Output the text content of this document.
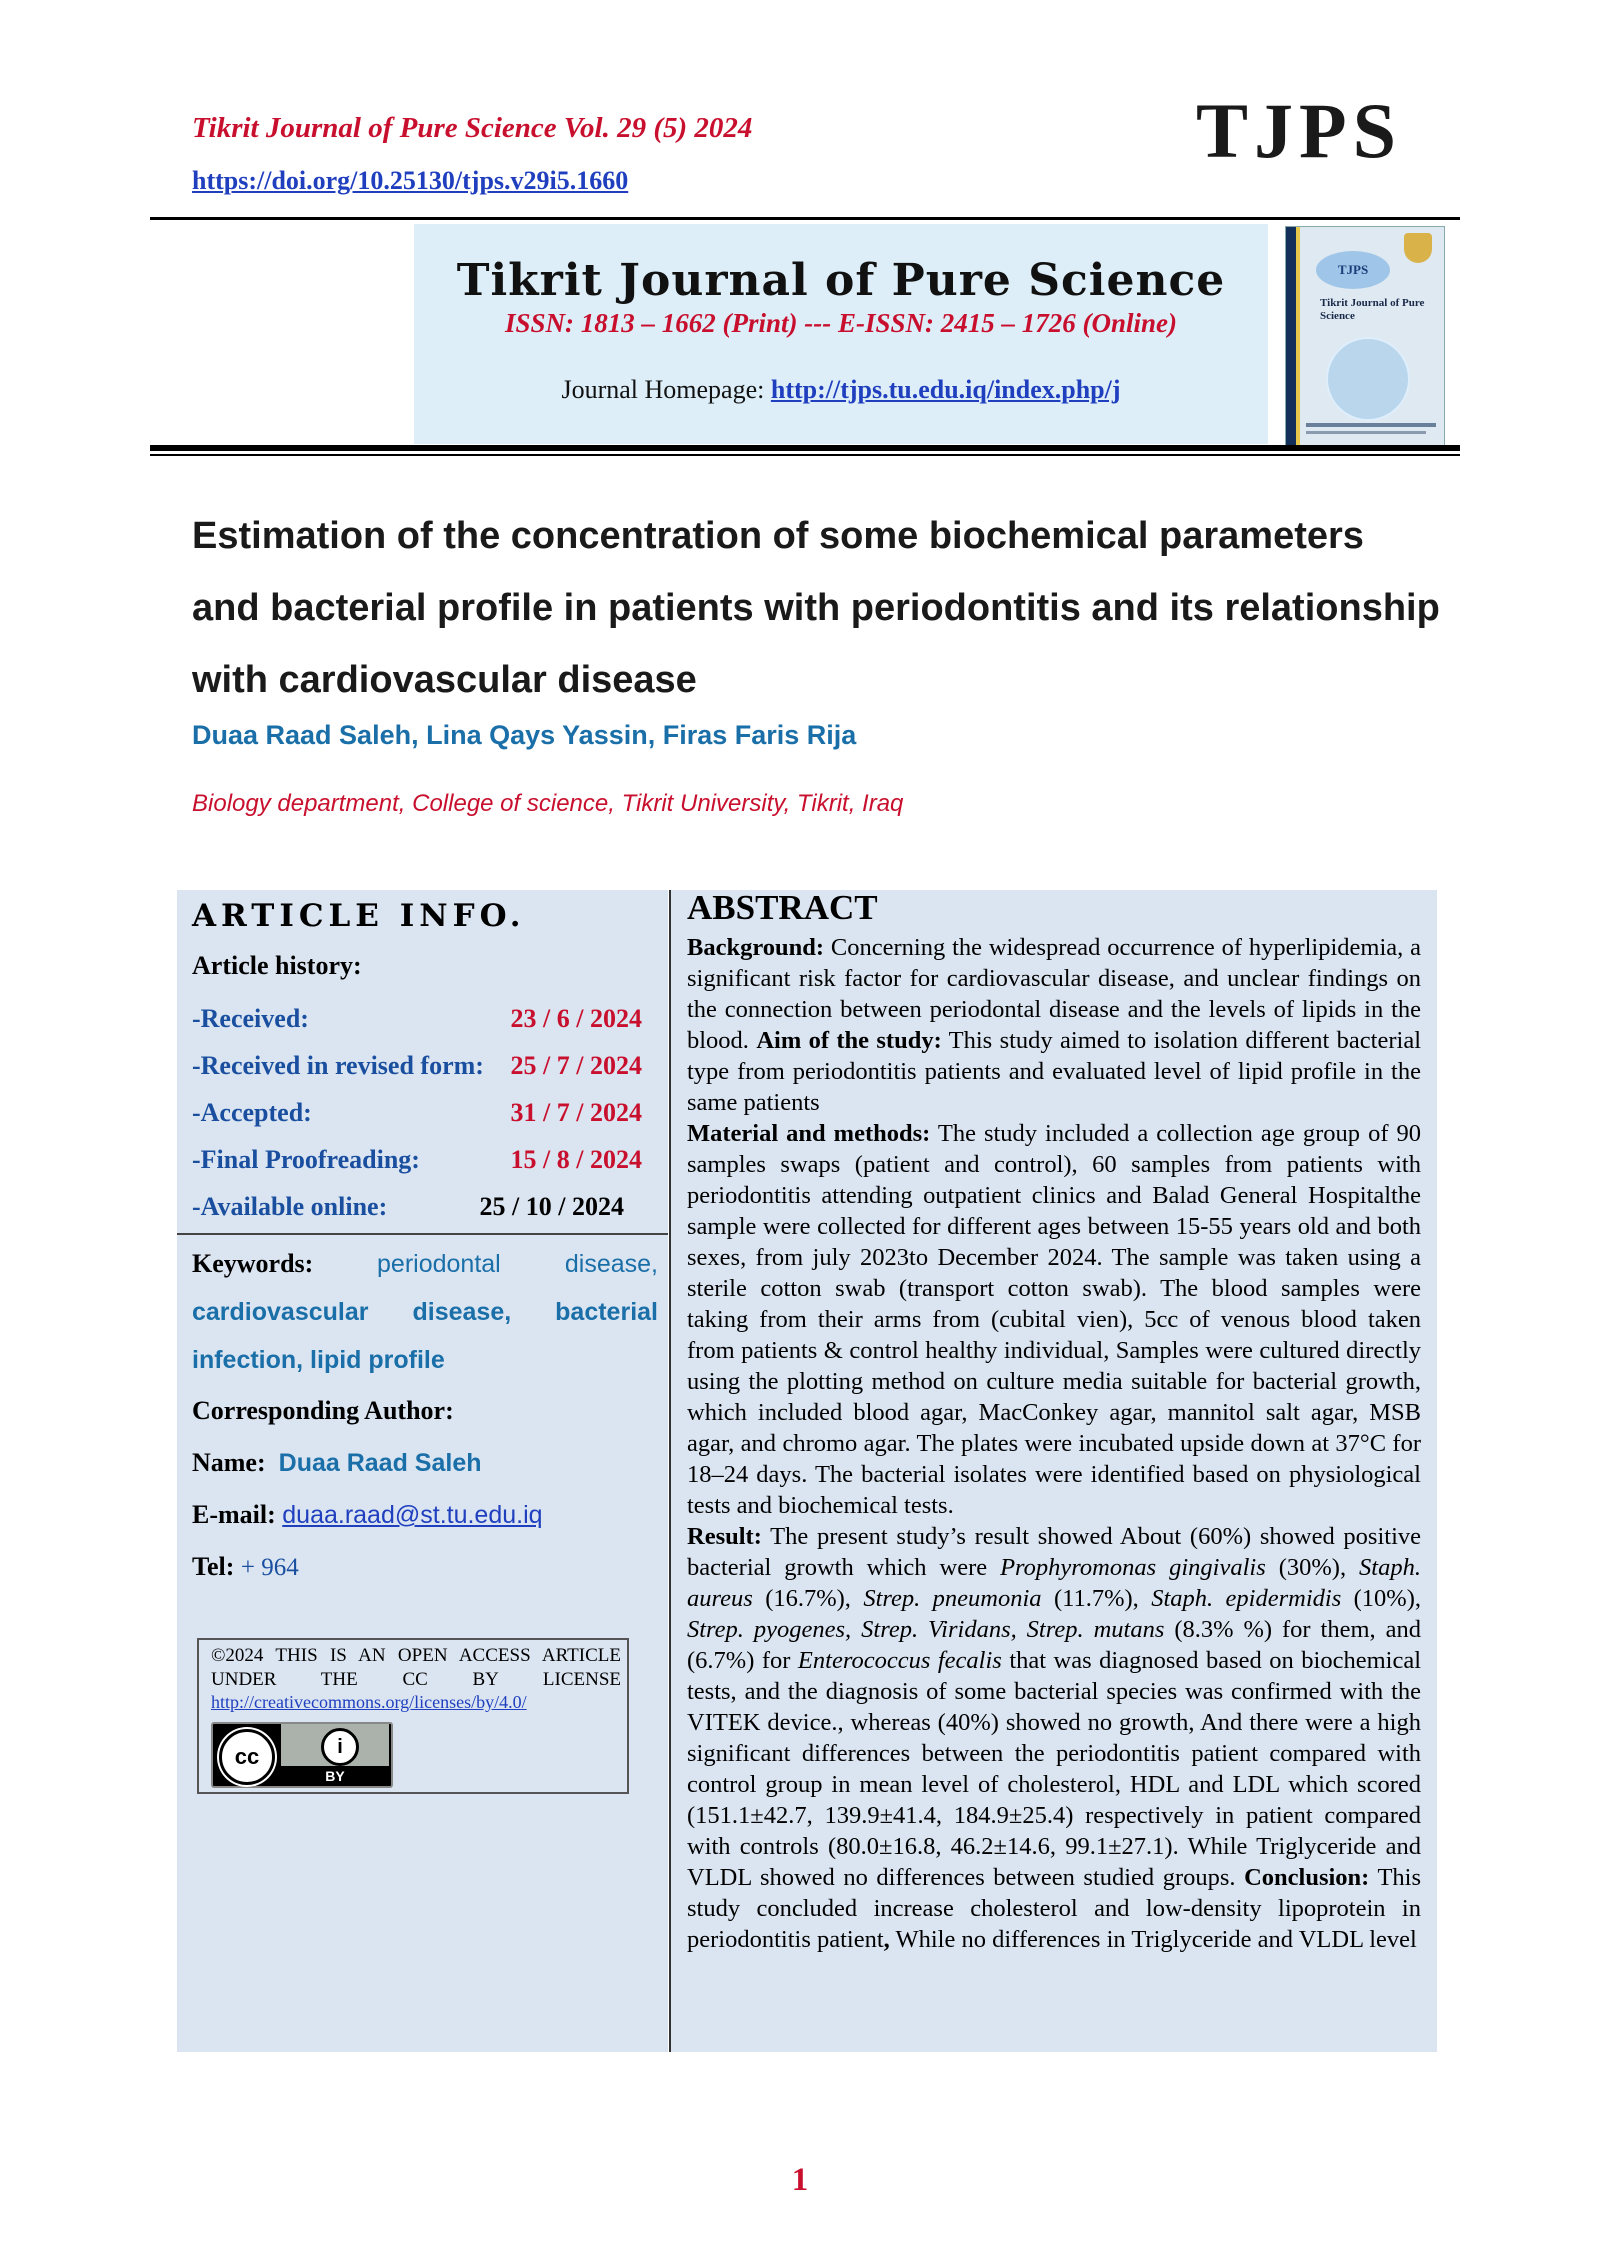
Tikrit Journal of Pure Science Vol. 29 (5) 2024
https://doi.org/10.25130/tjps.v29i5.1660
TJPS
Tikrit Journal of Pure Science
ISSN: 1813 – 1662 (Print) --- E-ISSN: 2415 – 1726 (Online)
Journal Homepage: http://tjps.tu.edu.iq/index.php/j
TJPS
Tikrit Journal of Pure Science
Estimation of the concentration of some biochemical parameters and bacterial profile in patients with periodontitis and its relationship with cardiovascular disease
Duaa Raad Saleh, Lina Qays Yassin, Firas Faris Rija
Biology department, College of science, Tikrit University, Tikrit, Iraq
ARTICLE INFO.
Article history:
-Received:	23 / 6 / 2024
-Received in revised form: 25 / 7 / 2024
-Accepted:	31 / 7 / 2024
-Final Proofreading:	15 / 8 / 2024
-Available online:	25 / 10 / 2024
Keywords:	periodontal disease, cardiovascular disease, bacterial infection, lipid profile
Corresponding Author:
Name: Duaa Raad Saleh
E-mail: duaa.raad@st.tu.edu.iq
Tel: + 964
©2024 THIS IS AN OPEN ACCESS ARTICLE UNDER THE CC BY LICENSE
http://creativecommons.org/licenses/by/4.0/
cc	i
BY
ABSTRACT

Background: Concerning the widespread occurrence of hyperlipidemia, a significant risk factor for cardiovascular disease, and unclear findings on the connection between periodontal disease and the levels of lipids in the blood. Aim of the study: This study aimed to isolation different bacterial type from periodontitis patients and evaluated level of lipid profile in the same patients

Material and methods: The study included a collection age group of 90 samples swaps (patient and control), 60 samples from patients with periodontitis attending outpatient clinics and Balad General Hospitalthe sample were collected for different ages between 15-55 years old and both sexes, from july 2023to December 2024. The sample was taken using a sterile cotton swab (transport cotton swab). The blood samples were taking from their arms from (cubital vien), 5cc of venous blood taken from patients & control healthy individual, Samples were cultured directly using the plotting method on culture media suitable for bacterial growth, which included blood agar, MacConkey agar, mannitol salt agar, MSB agar, and chromo agar. The plates were incubated upside down at 37°C for 18–24 days. The bacterial isolates were identified based on physiological tests and biochemical tests.

Result: The present study’s result showed About (60%) showed positive bacterial growth which were Prophyromonas gingivalis (30%), Staph. aureus (16.7%), Strep. pneumonia (11.7%), Staph. epidermidis (10%), Strep. pyogenes, Strep. Viridans, Strep. mutans (8.3% %) for them, and (6.7%) for Enterococcus fecalis that was diagnosed based on biochemical tests, and the diagnosis of some bacterial species was confirmed with the VITEK device., whereas (40%) showed no growth, And there were a high significant differences between the periodontitis patient compared with control group in mean level of cholesterol, HDL and LDL which scored (151.1±42.7, 139.9±41.4, 184.9±25.4) respectively in patient compared with controls (80.0±16.8, 46.2±14.6, 99.1±27.1). While Triglyceride and VLDL showed no differences between studied groups. Conclusion: This study concluded increase cholesterol and low-density lipoprotein in periodontitis patient, While no differences in Triglyceride and VLDL level

1
